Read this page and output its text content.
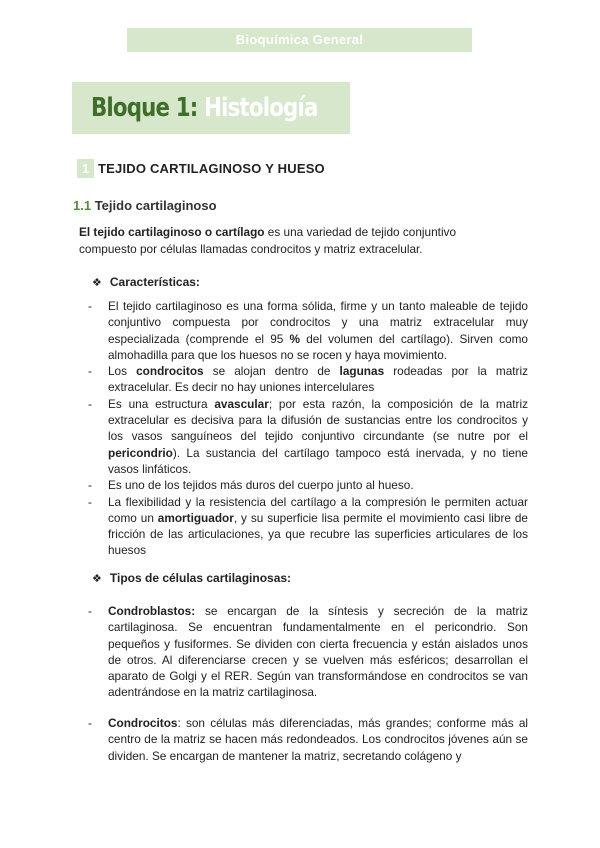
Bioquímica General
Bloque 1: Histología
1 TEJIDO CARTILAGINOSO Y HUESO
1.1 Tejido cartilaginoso

El tejido cartilaginoso o cartílago es una variedad de tejido conjuntivo compuesto por células llamadas condrocitos y matriz extracelular.

❖ Características:
- El tejido cartilaginoso es una forma sólida, firme y un tanto maleable de tejido conjuntivo compuesta por condrocitos y una matriz extracelular muy especializada (comprende el 95 % del volumen del cartílago). Sirven como almohadilla para que los huesos no se rocen y haya movimiento.
- Los condrocitos se alojan dentro de lagunas rodeadas por la matriz extracelular. Es decir no hay uniones intercelulares
- Es una estructura avascular; por esta razón, la composición de la matriz extracelular es decisiva para la difusión de sustancias entre los condrocitos y los vasos sanguíneos del tejido conjuntivo circundante (se nutre por el pericondrio). La sustancia del cartílago tampoco está inervada, y no tiene vasos linfáticos.
- Es uno de los tejidos más duros del cuerpo junto al hueso.
- La flexibilidad y la resistencia del cartílago a la compresión le permiten actuar como un amortiguador, y su superficie lisa permite el movimiento casi libre de fricción de las articulaciones, ya que recubre las superficies articulares de los huesos
❖ Tipos de células cartilaginosas:
- Condroblastos: se encargan de la síntesis y secreción de la matriz cartilaginosa. Se encuentran fundamentalmente en el pericondrio. Son pequeños y fusiformes. Se dividen con cierta frecuencia y están aislados unos de otros. Al diferenciarse crecen y se vuelven más esféricos; desarrollan el aparato de Golgi y el RER. Según van transformándose en condrocitos se van adentrándose en la matriz cartilaginosa.
- Condrocitos: son células más diferenciadas, más grandes; conforme más al centro de la matriz se hacen más redondeados. Los condrocitos jóvenes aún se dividen. Se encargan de mantener la matriz, secretando colágeno y
